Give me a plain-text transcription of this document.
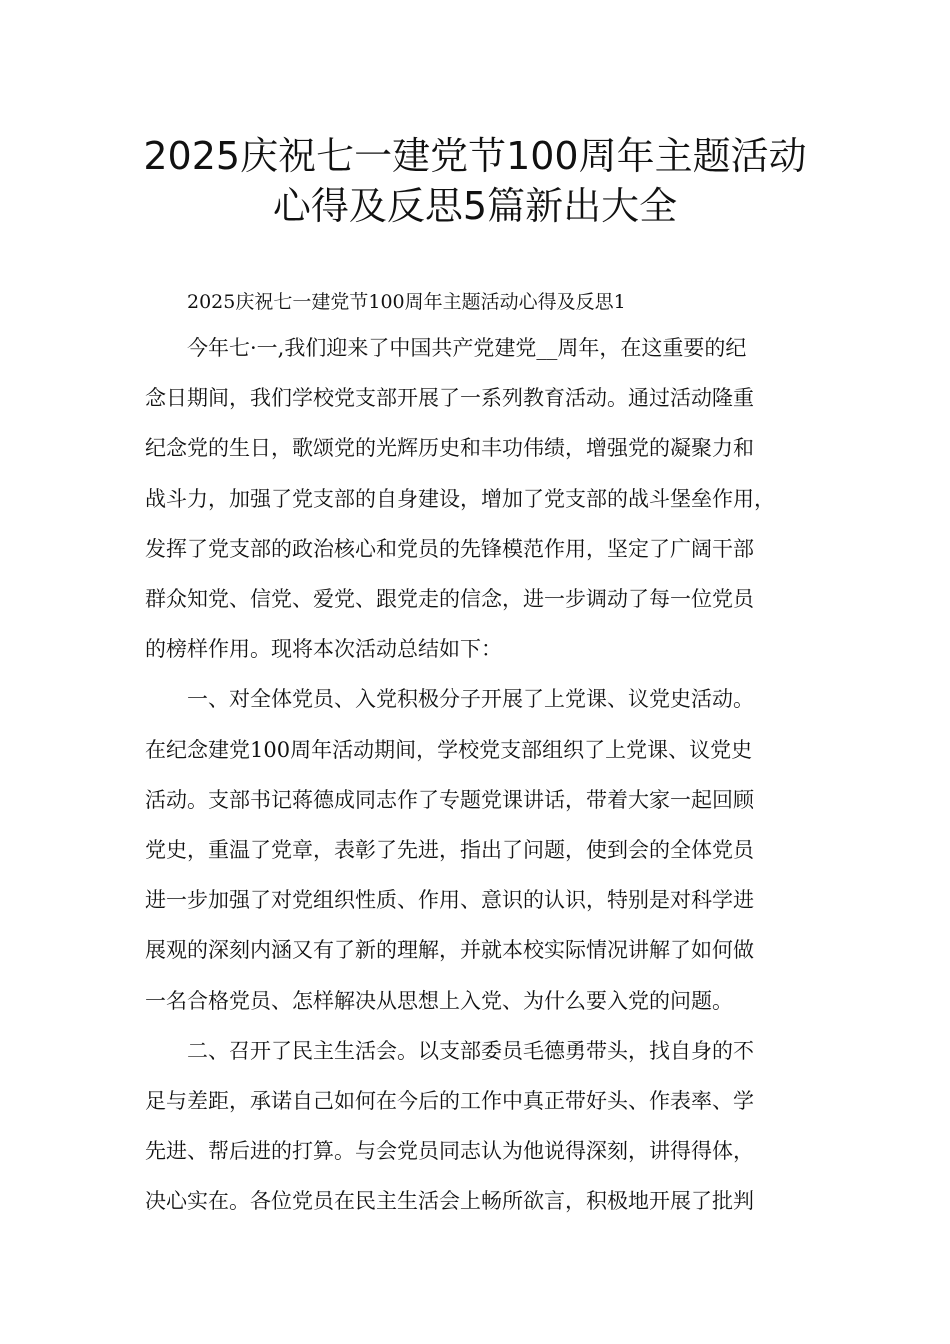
2025庆祝七一建党节100周年主题活动
心得及反思5篇新出大全
2025庆祝七一建党节100周年主题活动心得及反思1
今年七·一,我们迎来了中国共产党建党__周年，在这重要的纪
念日期间，我们学校党支部开展了一系列教育活动。通过活动隆重
纪念党的生日，歌颂党的光辉历史和丰功伟绩，增强党的凝聚力和
战斗力，加强了党支部的自身建设，增加了党支部的战斗堡垒作用，
发挥了党支部的政治核心和党员的先锋模范作用，坚定了广阔干部
群众知党、信党、爱党、跟党走的信念，进一步调动了每一位党员
的榜样作用。现将本次活动总结如下：
一、对全体党员、入党积极分子开展了上党课、议党史活动。
在纪念建党100周年活动期间，学校党支部组织了上党课、议党史
活动。支部书记蒋德成同志作了专题党课讲话，带着大家一起回顾
党史，重温了党章，表彰了先进，指出了问题，使到会的全体党员
进一步加强了对党组织性质、作用、意识的认识，特别是对科学进
展观的深刻内涵又有了新的理解，并就本校实际情况讲解了如何做
一名合格党员、怎样解决从思想上入党、为什么要入党的问题。
二、召开了民主生活会。以支部委员毛德勇带头，找自身的不
足与差距，承诺自己如何在今后的工作中真正带好头、作表率、学
先进、帮后进的打算。与会党员同志认为他说得深刻，讲得得体，
决心实在。各位党员在民主生活会上畅所欲言，积极地开展了批判
